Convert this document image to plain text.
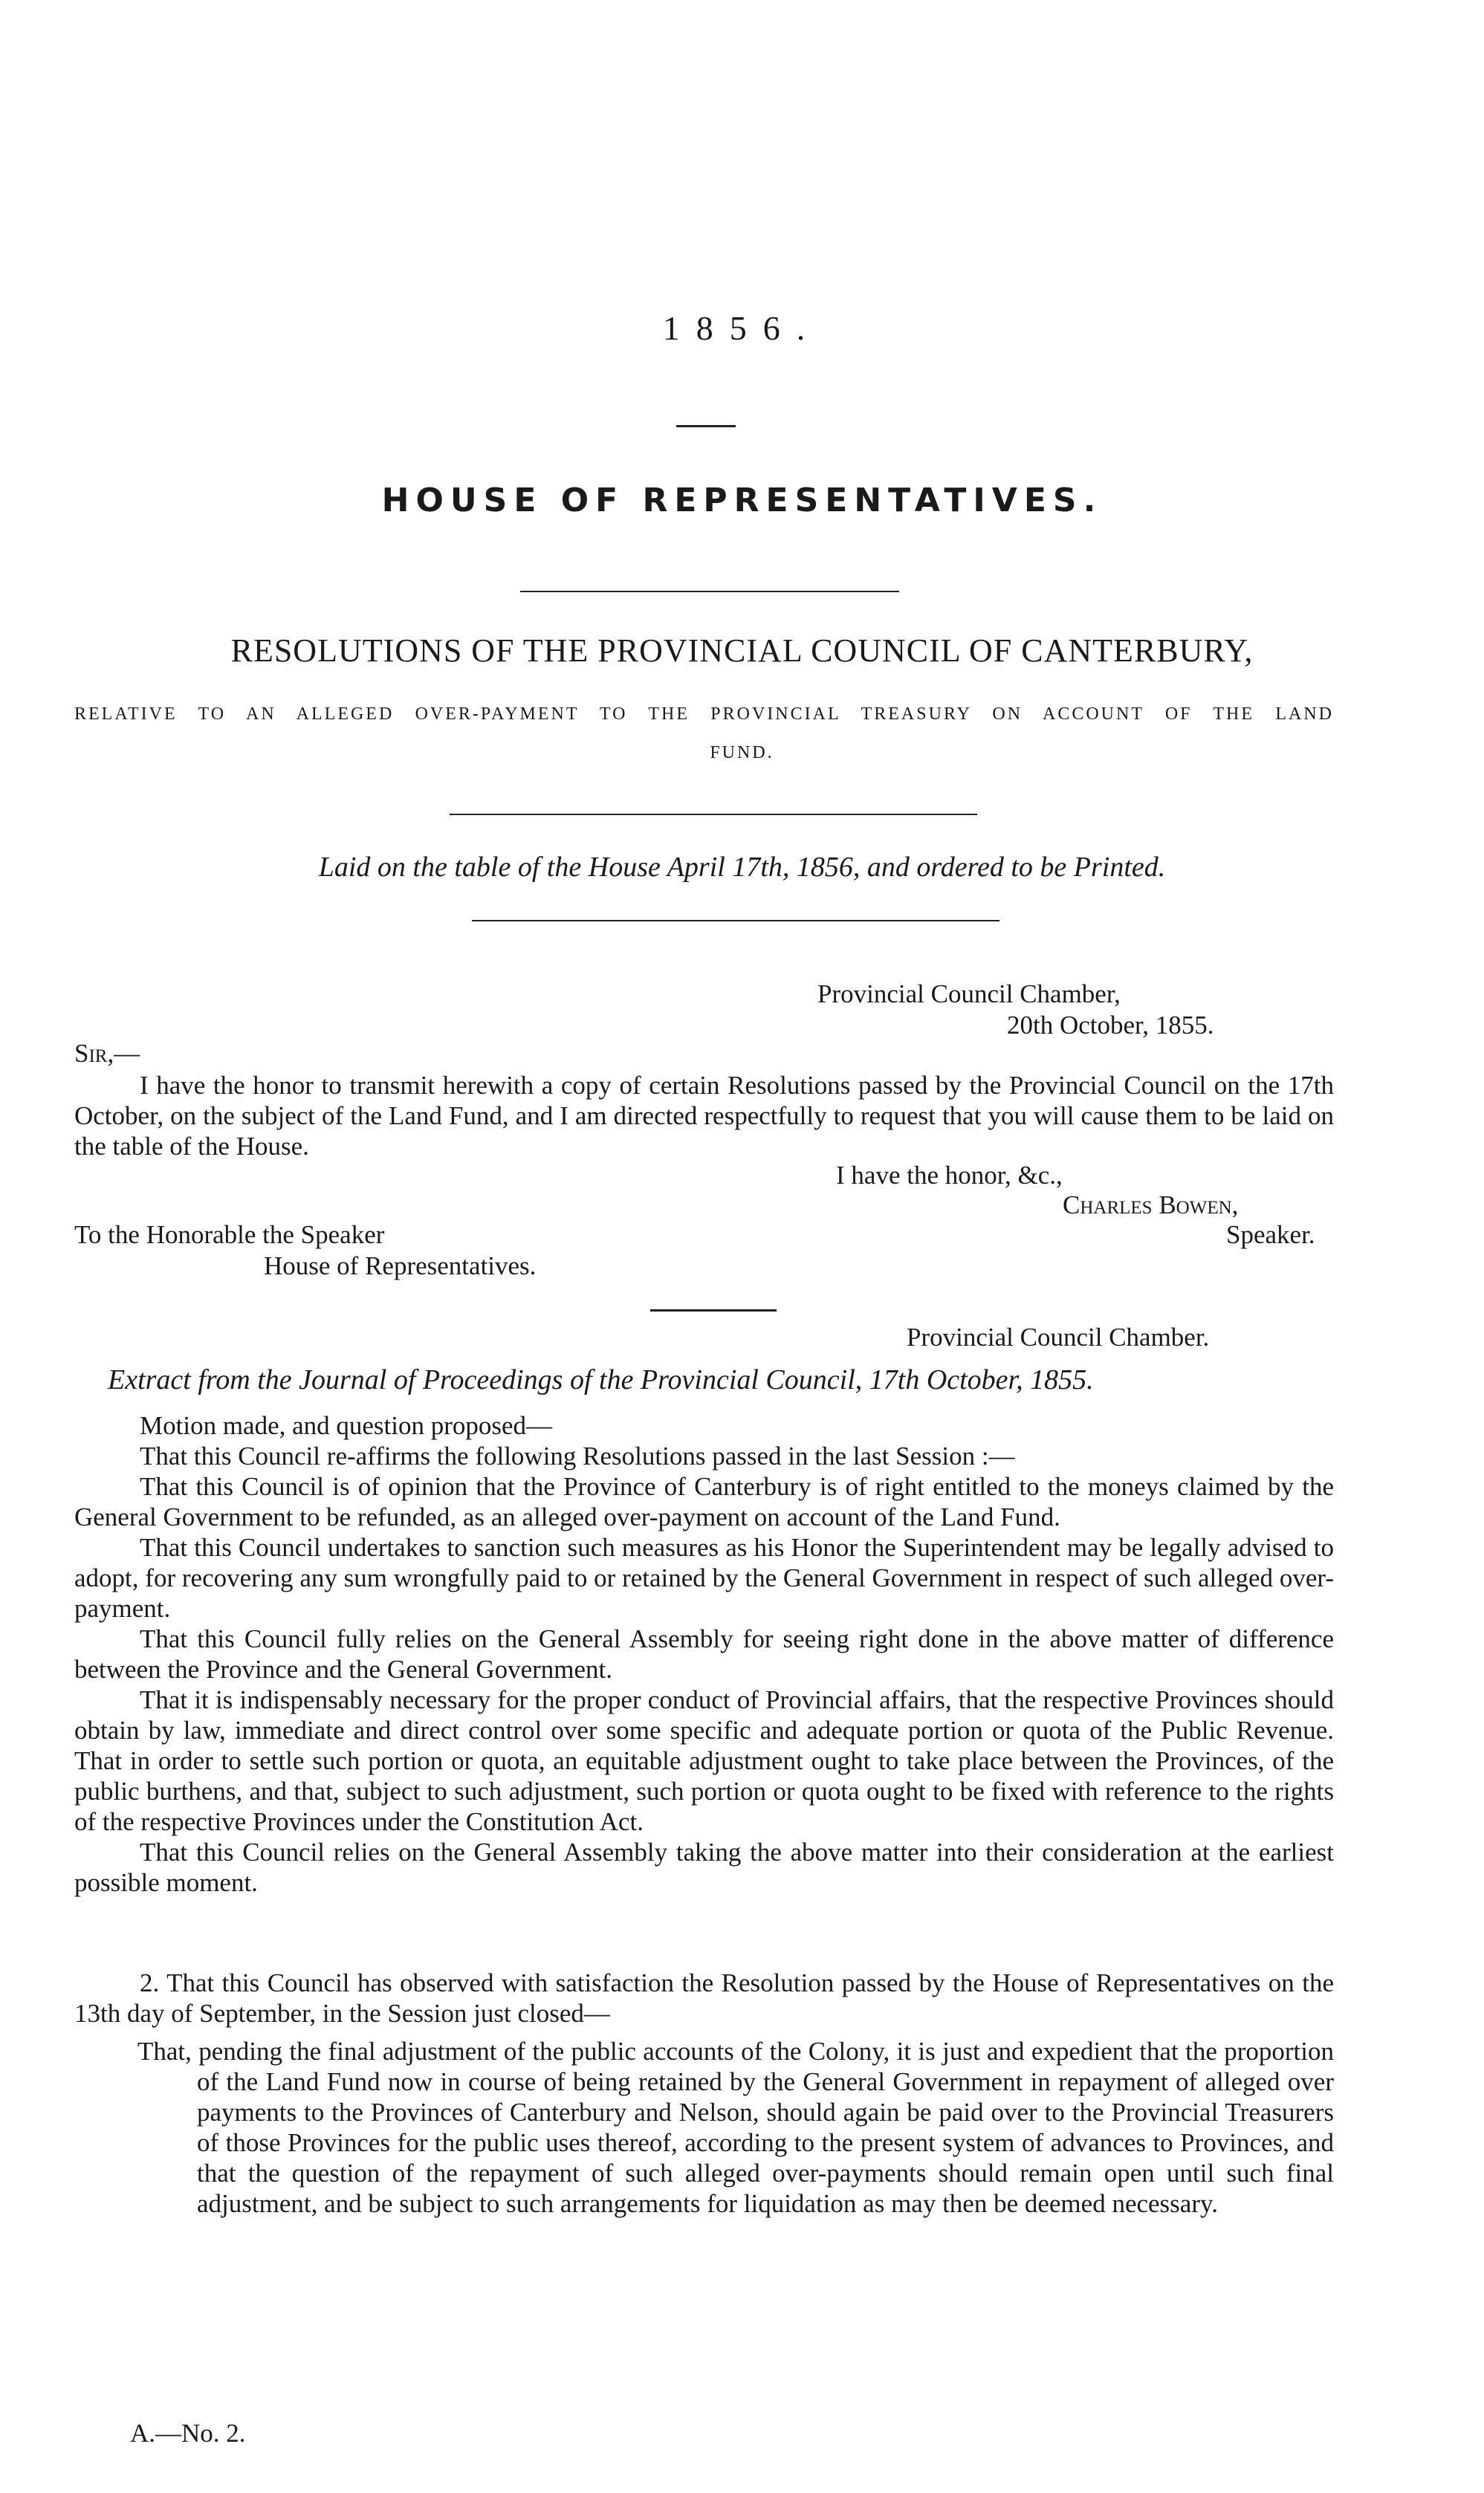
1856.
HOUSE OF REPRESENTATIVES.
RESOLUTIONS OF THE PROVINCIAL COUNCIL OF CANTERBURY,
RELATIVE TO AN ALLEGED OVER-PAYMENT TO THE PROVINCIAL TREASURY ON ACCOUNT OF THE LAND
FUND.
Laid on the table of the House April 17th, 1856, and ordered to be Printed.
Provincial Council Chamber,
20th October, 1855.
Sir,—

I have the honor to transmit herewith a copy of certain Resolutions passed by the Provincial Council on the 17th October, on the subject of the Land Fund, and I am directed respectfully to request that you will cause them to be laid on the table of the House.

I have the honor, &c.,
Charles Bowen,
To the Honorable the Speaker	Speaker.
House of Representatives.
Provincial Council Chamber.
Extract from the Journal of Proceedings of the Provincial Council, 17th October, 1855.

Motion made, and question proposed—

That this Council re-affirms the following Resolutions passed in the last Session :—

That this Council is of opinion that the Province of Canterbury is of right entitled to the moneys claimed by the General Government to be refunded, as an alleged over-payment on account of the Land Fund.

That this Council undertakes to sanction such measures as his Honor the Superintendent may be legally advised to adopt, for recovering any sum wrongfully paid to or retained by the General Government in respect of such alleged over-payment.

That this Council fully relies on the General Assembly for seeing right done in the above matter of difference between the Province and the General Government.

That it is indispensably necessary for the proper conduct of Provincial affairs, that the respective Provinces should obtain by law, immediate and direct control over some specific and adequate portion or quota of the Public Revenue. That in order to settle such portion or quota, an equitable adjustment ought to take place between the Provinces, of the public burthens, and that, subject to such adjustment, such portion or quota ought to be fixed with reference to the rights of the respective Provinces under the Constitution Act.

That this Council relies on the General Assembly taking the above matter into their consideration at the earliest possible moment.

2. That this Council has observed with satisfaction the Resolution passed by the House of Representatives on the 13th day of September, in the Session just closed—

That, pending the final adjustment of the public accounts of the Colony, it is just and expedient that the proportion of the Land Fund now in course of being retained by the General Government in repayment of alleged over payments to the Provinces of Canterbury and Nelson, should again be paid over to the Provincial Treasurers of those Provinces for the public uses thereof, according to the present system of advances to Provinces, and that the question of the repayment of such alleged over-payments should remain open until such final adjustment, and be subject to such arrangements for liquidation as may then be deemed necessary.

A.—No. 2.
